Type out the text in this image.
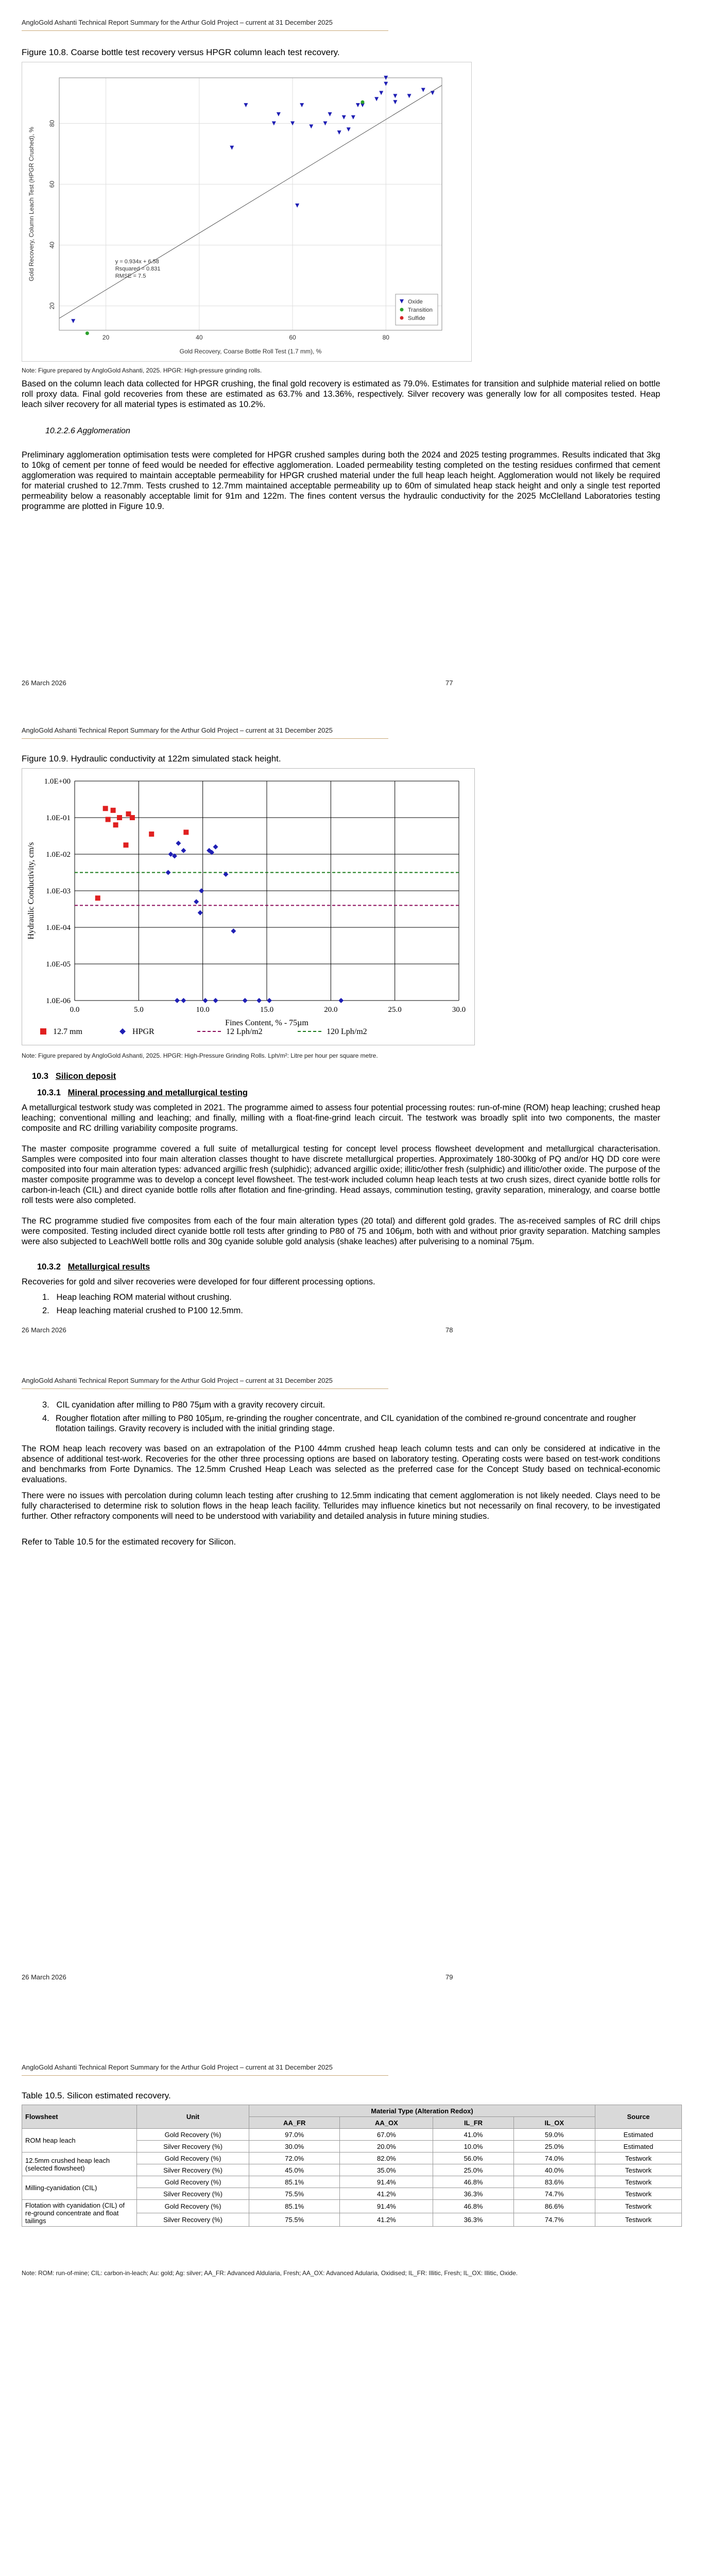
AngloGold Ashanti Technical Report Summary for the Arthur Gold Project – current at 31 December 2025
Figure 10.8. Coarse bottle test recovery versus HPGR column leach test recovery.
20	40	60	80
20
40
60
80
Gold Recovery, Coarse Bottle Roll Test (1.7 mm), %
Gold Recovery, Column Leach Test (HPGR Crushed), %	y = 0.934x + 6.58
Rsquared = 0.831
RMSE = 7.5
Oxide
Transition
Sulfide
Note: Figure prepared by AngloGold Ashanti, 2025. HPGR: High-pressure grinding rolls.
Based on the column leach data collected for HPGR crushing, the final gold recovery is estimated as 79.0%. Estimates for transition and sulphide material relied on bottle roll proxy data. Final gold recoveries from these are estimated as 63.7% and 13.36%, respectively. Silver recovery was generally low for all composites tested. Heap leach silver recovery for all material types is estimated as 10.2%.
10.2.2.6 Agglomeration
Preliminary agglomeration optimisation tests were completed for HPGR crushed samples during both the 2024 and 2025 testing programmes. Results indicated that 3kg to 10kg of cement per tonne of feed would be needed for effective agglomeration. Loaded permeability testing completed on the testing residues confirmed that cement agglomeration was required to maintain acceptable permeability for HPGR crushed material under the full heap leach height. Agglomeration would not likely be required for material crushed to 12.7mm. Tests crushed to 12.7mm maintained acceptable permeability up to 60m of simulated heap stack height and only a single test reported permeability below a reasonably acceptable limit for 91m and 122m. The fines content versus the hydraulic conductivity for the 2025 McClelland Laboratories testing programme are plotted in Figure 10.9.
26 March 2026	77
AngloGold Ashanti Technical Report Summary for the Arthur Gold Project – current at 31 December 2025
Figure 10.9. Hydraulic conductivity at 122m simulated stack height.
0.0	5.0	10.0	15.0	20.0	25.0	30.0
1.0E+00
1.0E-01
1.0E-02
1.0E-03
1.0E-04
1.0E-05
1.0E-06
Fines Content, % - 75µm
Hydraulic Conductivity, cm/s
12.7 mm	HPGR	12 Lph/m2	120 Lph/m2
Note: Figure prepared by AngloGold Ashanti, 2025. HPGR: High-Pressure Grinding Rolls. Lph/m²: Litre per hour per square metre.
10.3 Silicon deposit
10.3.1 Mineral processing and metallurgical testing
A metallurgical testwork study was completed in 2021. The programme aimed to assess four potential processing routes: run-of-mine (ROM) heap leaching; crushed heap leaching; conventional milling and leaching; and finally, milling with a float-fine-grind leach circuit. The testwork was broadly split into two components, the master composite and RC drilling variability composite programs.
The master composite programme covered a full suite of metallurgical testing for concept level process flowsheet development and metallurgical characterisation. Samples were composited into four main alteration classes thought to have discrete metallurgical properties. Approximately 180-300kg of PQ and/or HQ DD core were composited into four main alteration types: advanced argillic fresh (sulphidic); advanced argillic oxide; illitic/other fresh (sulphidic) and illitic/other oxide. The purpose of the master composite programme was to develop a concept level flowsheet. The test-work included column heap leach tests at two crush sizes, direct cyanide bottle rolls for carbon-in-leach (CIL) and direct cyanide bottle rolls after flotation and fine-grinding. Head assays, comminution testing, gravity separation, mineralogy, and coarse bottle roll tests were also completed.
The RC programme studied five composites from each of the four main alteration types (20 total) and different gold grades. The as-received samples of RC drill chips were composited. Testing included direct cyanide bottle roll tests after grinding to P80 of 75 and 106µm, both with and without prior gravity separation. Matching samples were also subjected to LeachWell bottle rolls and 30g cyanide soluble gold analysis (shake leaches) after pulverising to a nominal 75µm.
10.3.2 Metallurgical results
Recoveries for gold and silver recoveries were developed for four different processing options.
1.   Heap leaching ROM material without crushing.
2.   Heap leaching material crushed to P100 12.5mm.
26 March 2026	78
AngloGold Ashanti Technical Report Summary for the Arthur Gold Project – current at 31 December 2025
3.   CIL cyanidation after milling to P80 75µm with a gravity recovery circuit.
4. Rougher flotation after milling to P80 105µm, re-grinding the rougher concentrate, and CIL cyanidation of the combined re-ground concentrate and rougher flotation tailings. Gravity recovery is included with the initial grinding stage.
The ROM heap leach recovery was based on an extrapolation of the P100 44mm crushed heap leach column tests and can only be considered at indicative in the absence of additional test-work. Recoveries for the other three processing options are based on laboratory testing. Operating costs were based on test-work conditions and benchmarks from Forte Dynamics. The 12.5mm Crushed Heap Leach was selected as the preferred case for the Concept Study based on technical-economic evaluations.
There were no issues with percolation during column leach testing after crushing to 12.5mm indicating that cement agglomeration is not likely needed. Clays need to be fully characterised to determine risk to solution flows in the heap leach facility. Tellurides may influence kinetics but not necessarily on final recovery, to be investigated further. Other refractory components will need to be understood with variability and detailed analysis in future mining studies.
Refer to Table 10.5 for the estimated recovery for Silicon.
26 March 2026	79
AngloGold Ashanti Technical Report Summary for the Arthur Gold Project – current at 31 December 2025
Table 10.5. Silicon estimated recovery.
Flowsheet	Unit	Material Type (Alteration Redox)				Source
		AA_FR	AA_OX	IL_FR	IL_OX	
ROM heap leach	Gold Recovery (%)	97.0%	67.0%	41.0%	59.0%	Estimated
	Silver Recovery (%)	30.0%	20.0%	10.0%	25.0%	Estimated
12.5mm crushed heap leach (selected flowsheet)	Gold Recovery (%)	72.0%	82.0%	56.0%	74.0%	Testwork
	Silver Recovery (%)	45.0%	35.0%	25.0%	40.0%	Testwork
Milling-cyanidation (CIL)	Gold Recovery (%)	85.1%	91.4%	46.8%	83.6%	Testwork
	Silver Recovery (%)	75.5%	41.2%	36.3%	74.7%	Testwork
Flotation with cyanidation (CIL) of re-ground concentrate and float tailings	Gold Recovery (%)	85.1%	91.4%	46.8%	86.6%	Testwork
	Silver Recovery (%)	75.5%	41.2%	36.3%	74.7%	Testwork
Note: ROM: run-of-mine; CIL: carbon-in-leach; Au: gold; Ag: silver; AA_FR: Advanced Aldularia, Fresh; AA_OX: Advanced Adularia, Oxidised; IL_FR: Illitic, Fresh; IL_OX: Illitic, Oxide.
